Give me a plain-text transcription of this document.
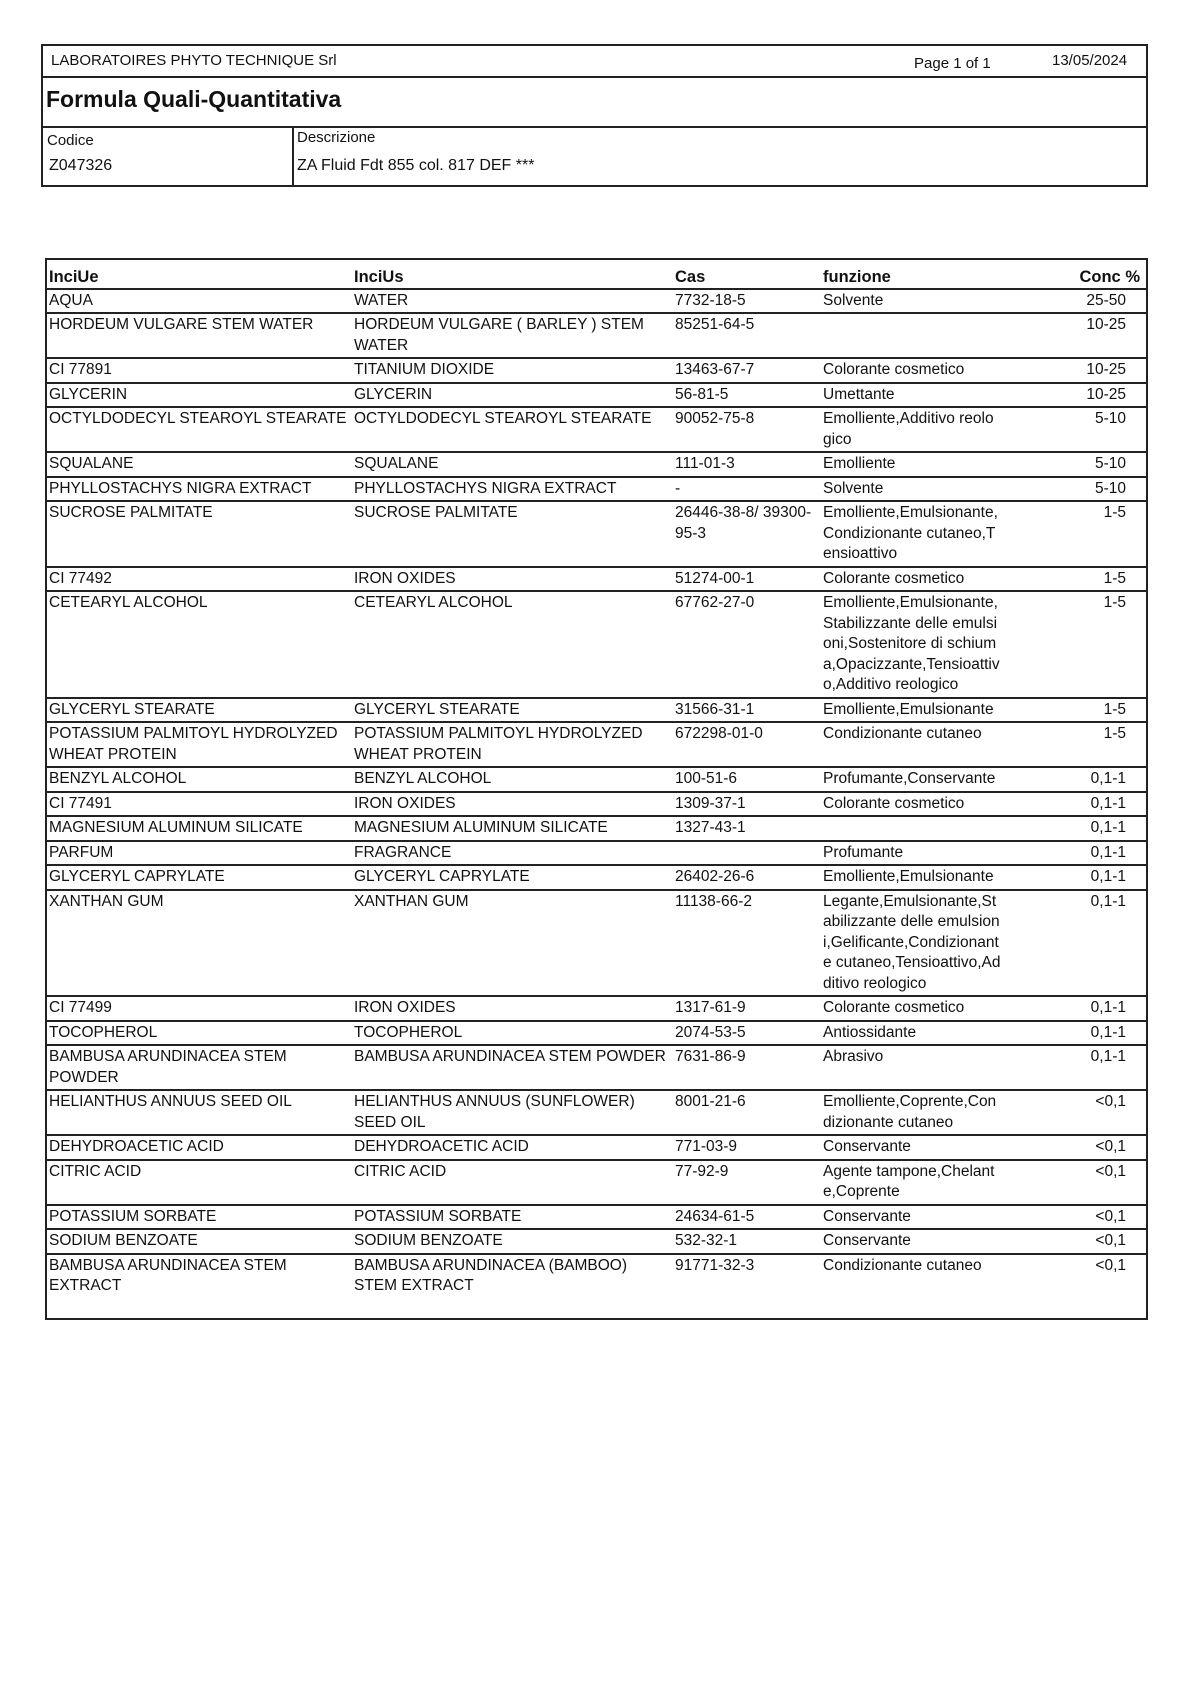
LABORATOIRES PHYTO TECHNIQUE Srl	Page 1 of 1	13/05/2024
Formula Quali-Quantitativa
Codice	Descrizione
Z047326	ZA Fluid Fdt 855 col. 817 DEF ***
InciUe	InciUs	Cas	funzione	Conc %
AQUA	WATER	7732-18-5	Solvente	25-50
HORDEUM VULGARE STEM WATER	HORDEUM VULGARE ( BARLEY ) STEM WATER	85251-64-5		10-25
CI 77891	TITANIUM DIOXIDE	13463-67-7	Colorante cosmetico	10-25
GLYCERIN	GLYCERIN	56-81-5	Umettante	10-25
OCTYLDODECYL STEAROYL STEARATE	OCTYLDODECYL STEAROYL STEARATE	90052-75-8	Emolliente,Additivo reologico	5-10
SQUALANE	SQUALANE	111-01-3	Emolliente	5-10
PHYLLOSTACHYS NIGRA EXTRACT	PHYLLOSTACHYS NIGRA EXTRACT	-	Solvente	5-10
SUCROSE PALMITATE	SUCROSE PALMITATE	26446-38-8/ 39300-95-3	Emolliente,Emulsionante, Condizionante cutaneo,Tensioattivo	1-5
CI 77492	IRON OXIDES	51274-00-1	Colorante cosmetico	1-5
CETEARYL ALCOHOL	CETEARYL ALCOHOL	67762-27-0	Emolliente,Emulsionante, Stabilizzante delle emulsioni,Sostenitore di schiuma,Opacizzante,Tensioattivo,Additivo reologico	1-5
GLYCERYL STEARATE	GLYCERYL STEARATE	31566-31-1	Emolliente,Emulsionante	1-5
POTASSIUM PALMITOYL HYDROLYZED WHEAT PROTEIN	POTASSIUM PALMITOYL HYDROLYZED WHEAT PROTEIN	672298-01-0	Condizionante cutaneo	1-5
BENZYL ALCOHOL	BENZYL ALCOHOL	100-51-6	Profumante,Conservante	0,1-1
CI 77491	IRON OXIDES	1309-37-1	Colorante cosmetico	0,1-1
MAGNESIUM ALUMINUM SILICATE	MAGNESIUM ALUMINUM SILICATE	1327-43-1		0,1-1
PARFUM	FRAGRANCE		Profumante	0,1-1
GLYCERYL CAPRYLATE	GLYCERYL CAPRYLATE	26402-26-6	Emolliente,Emulsionante	0,1-1
XANTHAN GUM	XANTHAN GUM	11138-66-2	Legante,Emulsionante,Stabilizzante delle emulsioni,Gelificante,Condizionante cutaneo,Tensioattivo,Additivo reologico	0,1-1
CI 77499	IRON OXIDES	1317-61-9	Colorante cosmetico	0,1-1
TOCOPHEROL	TOCOPHEROL	2074-53-5	Antiossidante	0,1-1
BAMBUSA ARUNDINACEA STEM POWDER	BAMBUSA ARUNDINACEA STEM POWDER	7631-86-9	Abrasivo	0,1-1
HELIANTHUS ANNUUS SEED OIL	HELIANTHUS ANNUUS (SUNFLOWER) SEED OIL	8001-21-6	Emolliente,Coprente,Condizionante cutaneo	<0,1
DEHYDROACETIC ACID	DEHYDROACETIC ACID	771-03-9	Conservante	<0,1
CITRIC ACID	CITRIC ACID	77-92-9	Agente tampone,Chelante,Coprente	<0,1
POTASSIUM SORBATE	POTASSIUM SORBATE	24634-61-5	Conservante	<0,1
SODIUM BENZOATE	SODIUM BENZOATE	532-32-1	Conservante	<0,1
BAMBUSA ARUNDINACEA STEM EXTRACT	BAMBUSA ARUNDINACEA (BAMBOO) STEM EXTRACT	91771-32-3	Condizionante cutaneo	<0,1
